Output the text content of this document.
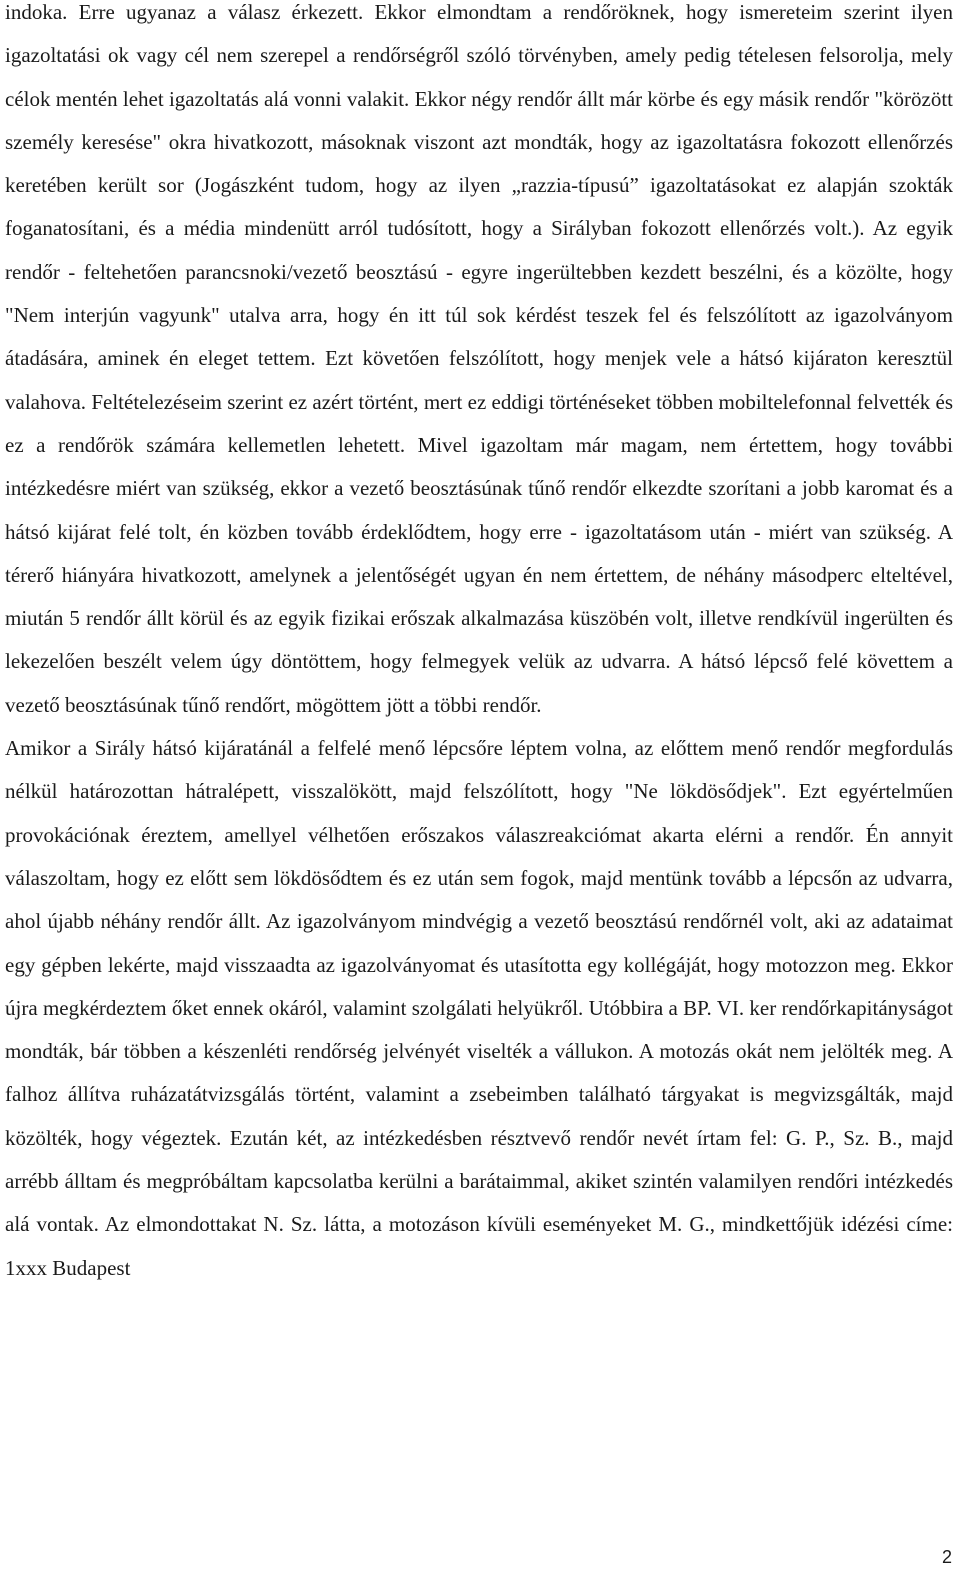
indoka. Erre ugyanaz a válasz érkezett. Ekkor elmondtam a rendőröknek, hogy ismereteim szerint ilyen igazoltatási ok vagy cél nem szerepel a rendőrségről szóló törvényben, amely pedig tételesen felsorolja, mely célok mentén lehet igazoltatás alá vonni valakit. Ekkor négy rendőr állt már körbe és egy másik rendőr "körözött személy keresése" okra hivatkozott, másoknak viszont azt mondták, hogy az igazoltatásra fokozott ellenőrzés keretében került sor (Jogászként tudom, hogy az ilyen „razzia-típusú” igazoltatásokat ez alapján szokták foganatosítani, és a média mindenütt arról tudósított, hogy a Sirályban fokozott ellenőrzés volt.). Az egyik rendőr - feltehetően parancsnoki/vezető beosztású - egyre ingerültebben kezdett beszélni, és a közölte, hogy "Nem interjún vagyunk" utalva arra, hogy én itt túl sok kérdést teszek fel és felszólított az igazolványom átadására, aminek én eleget tettem. Ezt követően felszólított, hogy menjek vele a hátsó kijáraton keresztül valahova. Feltételezéseim szerint ez azért történt, mert ez eddigi történéseket többen mobiltelefonnal felvették és ez a rendőrök számára kellemetlen lehetett. Mivel igazoltam már magam, nem értettem, hogy további intézkedésre miért van szükség, ekkor a vezető beosztásúnak tűnő rendőr elkezdte szorítani a jobb karomat és a hátsó kijárat felé tolt, én közben tovább érdeklődtem, hogy erre - igazoltatásom után - miért van szükség. A térerő hiányára hivatkozott, amelynek a jelentőségét ugyan én nem értettem, de néhány másodperc elteltével, miután 5 rendőr állt körül és az egyik fizikai erőszak alkalmazása küszöbén volt, illetve rendkívül ingerülten és lekezelően beszélt velem úgy döntöttem, hogy felmegyek velük az udvarra. A hátsó lépcső felé követtem a vezető beosztásúnak tűnő rendőrt, mögöttem jött a többi rendőr.

Amikor a Sirály hátsó kijáratánál a felfelé menő lépcsőre léptem volna, az előttem menő rendőr megfordulás nélkül határozottan hátralépett, visszalökött, majd felszólított, hogy "Ne lökdösődjek". Ezt egyértelműen provokációnak éreztem, amellyel vélhetően erőszakos válaszreakciómat akarta elérni a rendőr. Én annyit válaszoltam, hogy ez előtt sem lökdösődtem és ez után sem fogok, majd mentünk tovább a lépcsőn az udvarra, ahol újabb néhány rendőr állt. Az igazolványom mindvégig a vezető beosztású rendőrnél volt, aki az adataimat egy gépben lekérte, majd visszaadta az igazolványomat és utasította egy kollégáját, hogy motozzon meg. Ekkor újra megkérdeztem őket ennek okáról, valamint szolgálati helyükről. Utóbbira a BP. VI. ker rendőrkapitányságot mondták, bár többen a készenléti rendőrség jelvényét viselték a vállukon. A motozás okát nem jelölték meg. A falhoz állítva ruházatátvizsgálás történt, valamint a zsebeimben található tárgyakat is megvizsgálták, majd közölték, hogy végeztek. Ezután két, az intézkedésben résztvevő rendőr nevét írtam fel: G. P., Sz. B., majd arrébb álltam és megpróbáltam kapcsolatba kerülni a barátaimmal, akiket szintén valamilyen rendőri intézkedés alá vontak. Az elmondottakat N. Sz. látta, a motozáson kívüli eseményeket M. G., mindkettőjük idézési címe: 1xxx Budapest

2
